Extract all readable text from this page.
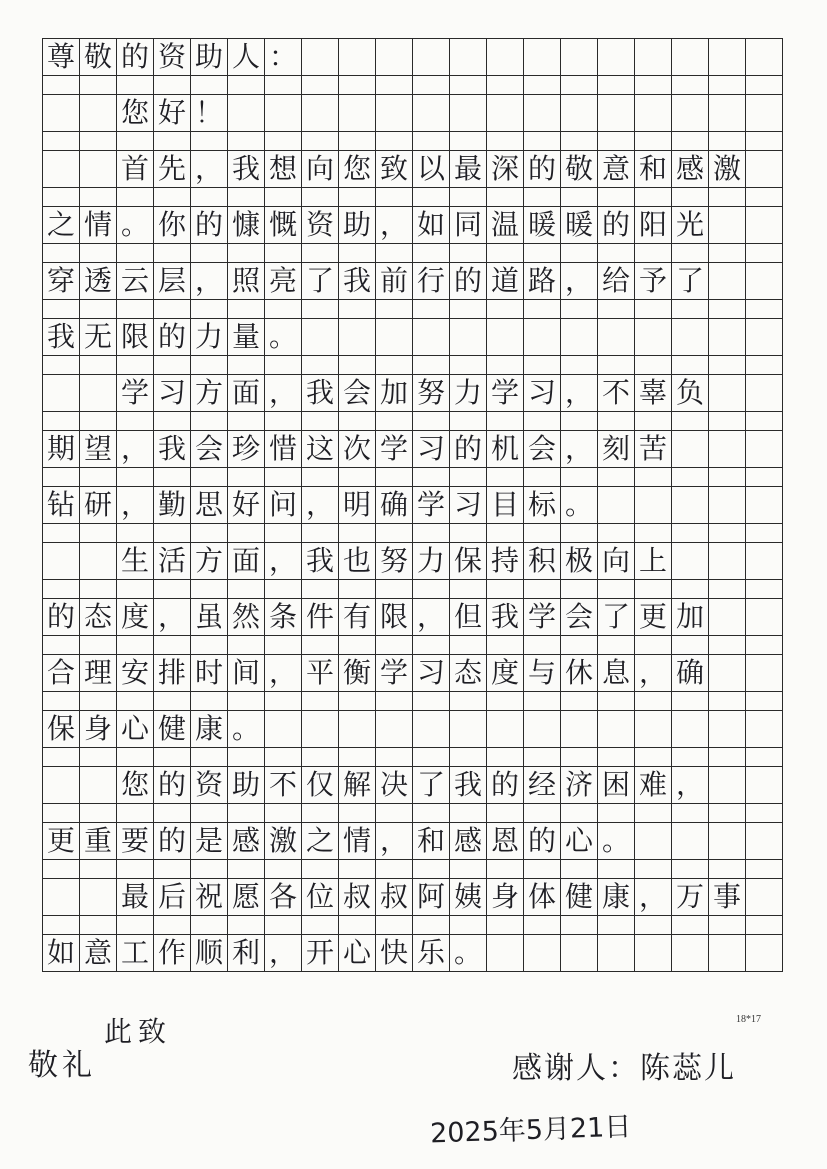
尊	敬	的	资	助	人	：													

		您	好	！															

		首	先	，	我	想	向	您	致	以	最	深	的	敬	意	和	感	激	

之	情	。	你	的	慷	慨	资	助	，	如	同	温	暖	暖	的	阳	光		

穿	透	云	层	，	照	亮	了	我	前	行	的	道	路	，	给	予	了		

我	无	限	的	力	量	。													

		学	习	方	面	，	我	会	加	努	力	学	习	，	不	辜	负		

期	望	，	我	会	珍	惜	这	次	学	习	的	机	会	，	刻	苦			

钻	研	，	勤	思	好	问	，	明	确	学	习	目	标	。					

		生	活	方	面	，	我	也	努	力	保	持	积	极	向	上			

的	态	度	，	虽	然	条	件	有	限	，	但	我	学	会	了	更	加		

合	理	安	排	时	间	，	平	衡	学	习	态	度	与	休	息	，	确		

保	身	心	健	康	。														

		您	的	资	助	不	仅	解	决	了	我	的	经	济	困	难	，		

更	重	要	的	是	感	激	之	情	，	和	感	恩	的	心	。				

		最	后	祝	愿	各	位	叔	叔	阿	姨	身	体	健	康	，	万	事	

如	意	工	作	顺	利	，	开	心	快	乐	。								
18*17
此致
敬礼	感谢人：陈蕊儿
2025年5月21日
